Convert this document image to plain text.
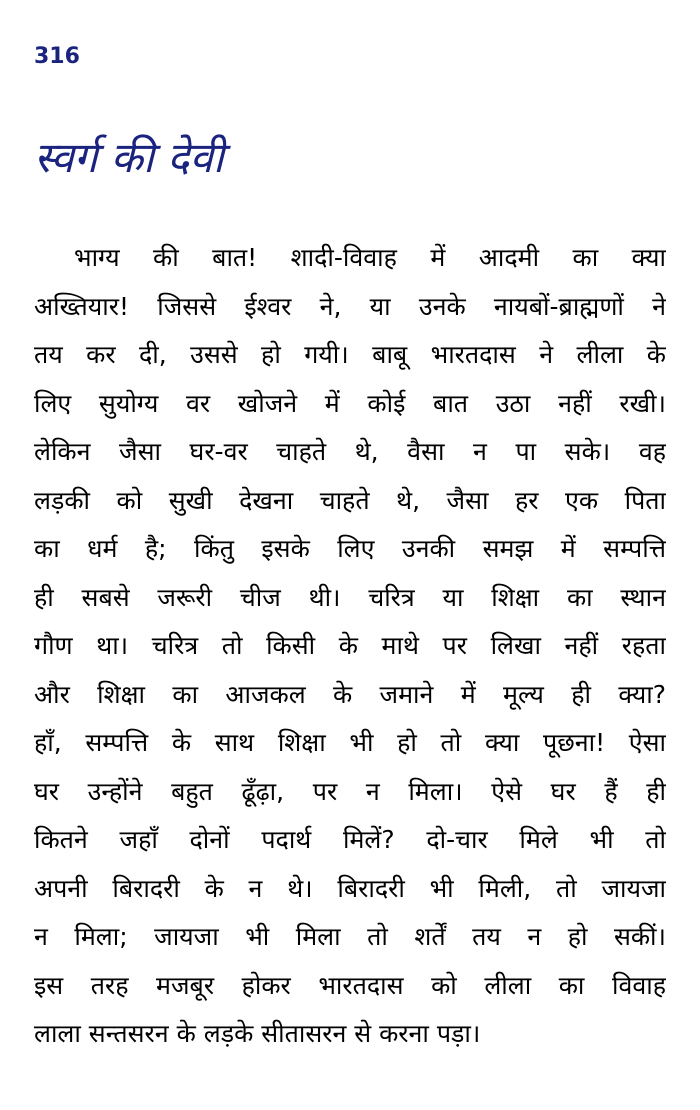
316
स्वर्ग की देवी
भाग्य की बात! शादी-विवाह में आदमी का क्या
अख्तियार! जिससे ईश्वर ने, या उनके नायबों-ब्राह्मणों ने
तय कर दी, उससे हो गयी। बाबू भारतदास ने लीला के
लिए सुयोग्य वर खोजने में कोई बात उठा नहीं रखी।
लेकिन जैसा घर-वर चाहते थे, वैसा न पा सके। वह
लड़की को सुखी देखना चाहते थे, जैसा हर एक पिता
का धर्म है; किंतु इसके लिए उनकी समझ में सम्पत्ति
ही सबसे जरूरी चीज थी। चरित्र या शिक्षा का स्थान
गौण था। चरित्र तो किसी के माथे पर लिखा नहीं रहता
और शिक्षा का आजकल के जमाने में मूल्य ही क्या?
हाँ, सम्पत्ति के साथ शिक्षा भी हो तो क्या पूछना! ऐसा
घर उन्होंने बहुत ढूँढ़ा, पर न मिला। ऐसे घर हैं ही
कितने जहाँ दोनों पदार्थ मिलें? दो-चार मिले भी तो
अपनी बिरादरी के न थे। बिरादरी भी मिली, तो जायजा
न मिला; जायजा भी मिला तो शर्तें तय न हो सकीं।
इस तरह मजबूर होकर भारतदास को लीला का विवाह
लाला सन्तसरन के लड़के सीतासरन से करना पड़ा।
